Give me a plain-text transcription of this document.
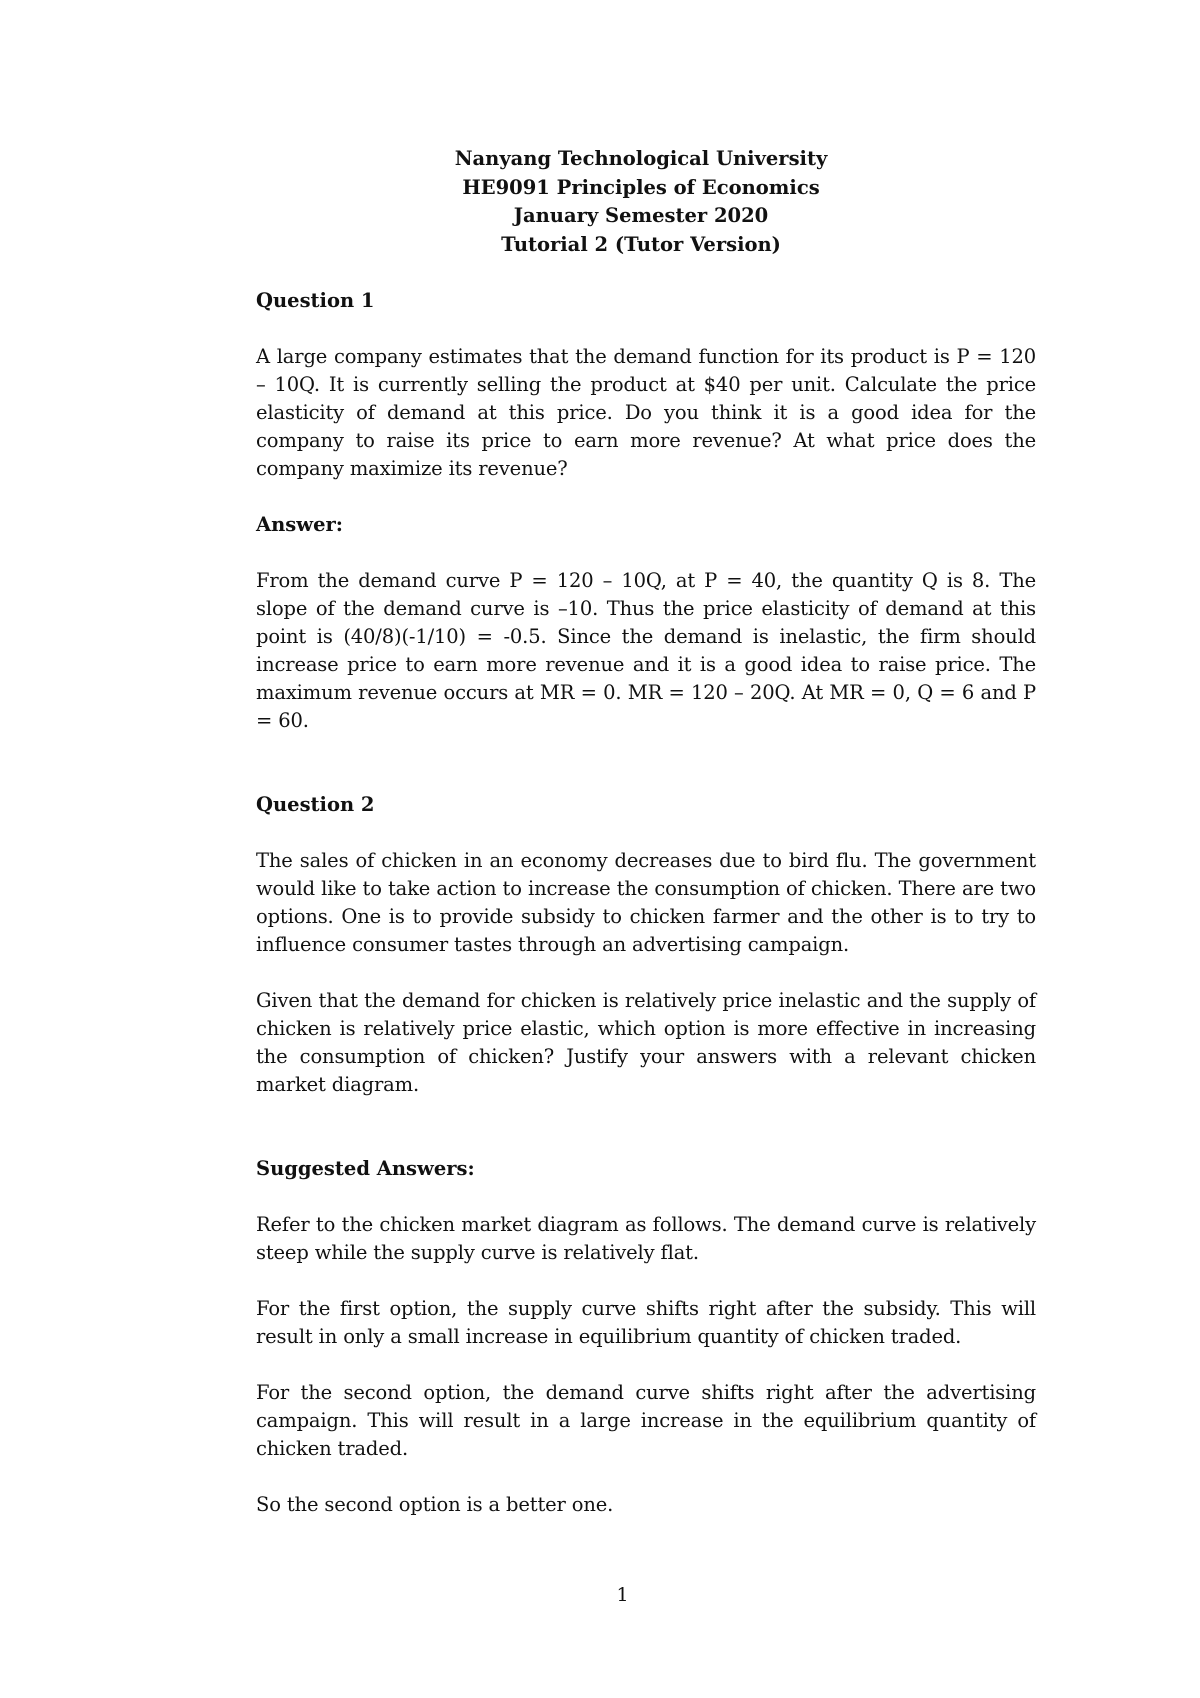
Nanyang Technological University
HE9091 Principles of Economics
January Semester 2020
Tutorial 2 (Tutor Version)

Question 1

A large company estimates that the demand function for its product is P = 120 – 10Q. It is currently selling the product at $40 per unit. Calculate the price elasticity of demand at this price. Do you think it is a good idea for the company to raise its price to earn more revenue? At what price does the company maximize its revenue?

Answer:

From the demand curve P = 120 – 10Q, at P = 40, the quantity Q is 8. The slope of the demand curve is –10. Thus the price elasticity of demand at this point is (40/8)(-1/10) = -0.5. Since the demand is inelastic, the firm should increase price to earn more revenue and it is a good idea to raise price. The maximum revenue occurs at MR = 0. MR = 120 – 20Q. At MR = 0, Q = 6 and P = 60.

Question 2

The sales of chicken in an economy decreases due to bird flu. The government would like to take action to increase the consumption of chicken. There are two options. One is to provide subsidy to chicken farmer and the other is to try to influence consumer tastes through an advertising campaign.

Given that the demand for chicken is relatively price inelastic and the supply of chicken is relatively price elastic, which option is more effective in increasing the consumption of chicken? Justify your answers with a relevant chicken market diagram.

Suggested Answers:

Refer to the chicken market diagram as follows. The demand curve is relatively steep while the supply curve is relatively flat.

For the first option, the supply curve shifts right after the subsidy. This will result in only a small increase in equilibrium quantity of chicken traded.

For the second option, the demand curve shifts right after the advertising campaign. This will result in a large increase in the equilibrium quantity of chicken traded.

So the second option is a better one.

1
